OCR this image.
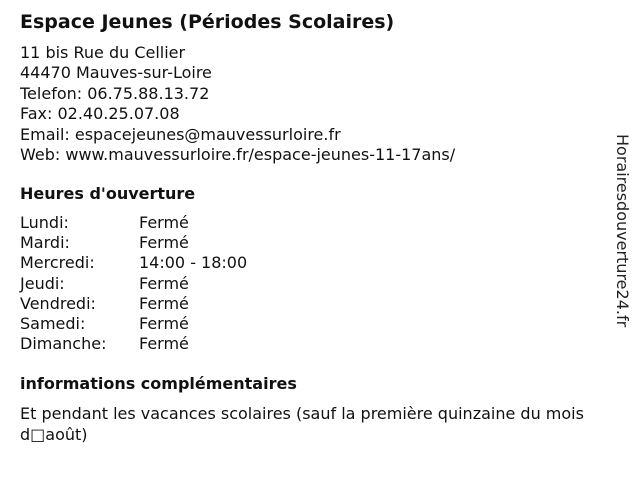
Espace Jeunes (Périodes Scolaires)
11 bis Rue du Cellier
44470 Mauves-sur-Loire
Telefon: 06.75.88.13.72
Fax: 02.40.25.07.08
Email: espacejeunes@mauvessurloire.fr
Web: www.mauvessurloire.fr/espace-jeunes-11-17ans/
Heures d'ouverture
Lundi:	Fermé
Mardi:	Fermé
Mercredi:	14:00 - 18:00
Jeudi:	Fermé
Vendredi:	Fermé
Samedi:	Fermé
Dimanche:	Fermé
informations complémentaires
Et pendant les vacances scolaires (sauf la première quinzaine du mois d□août)
Horairesdouverture24.fr
